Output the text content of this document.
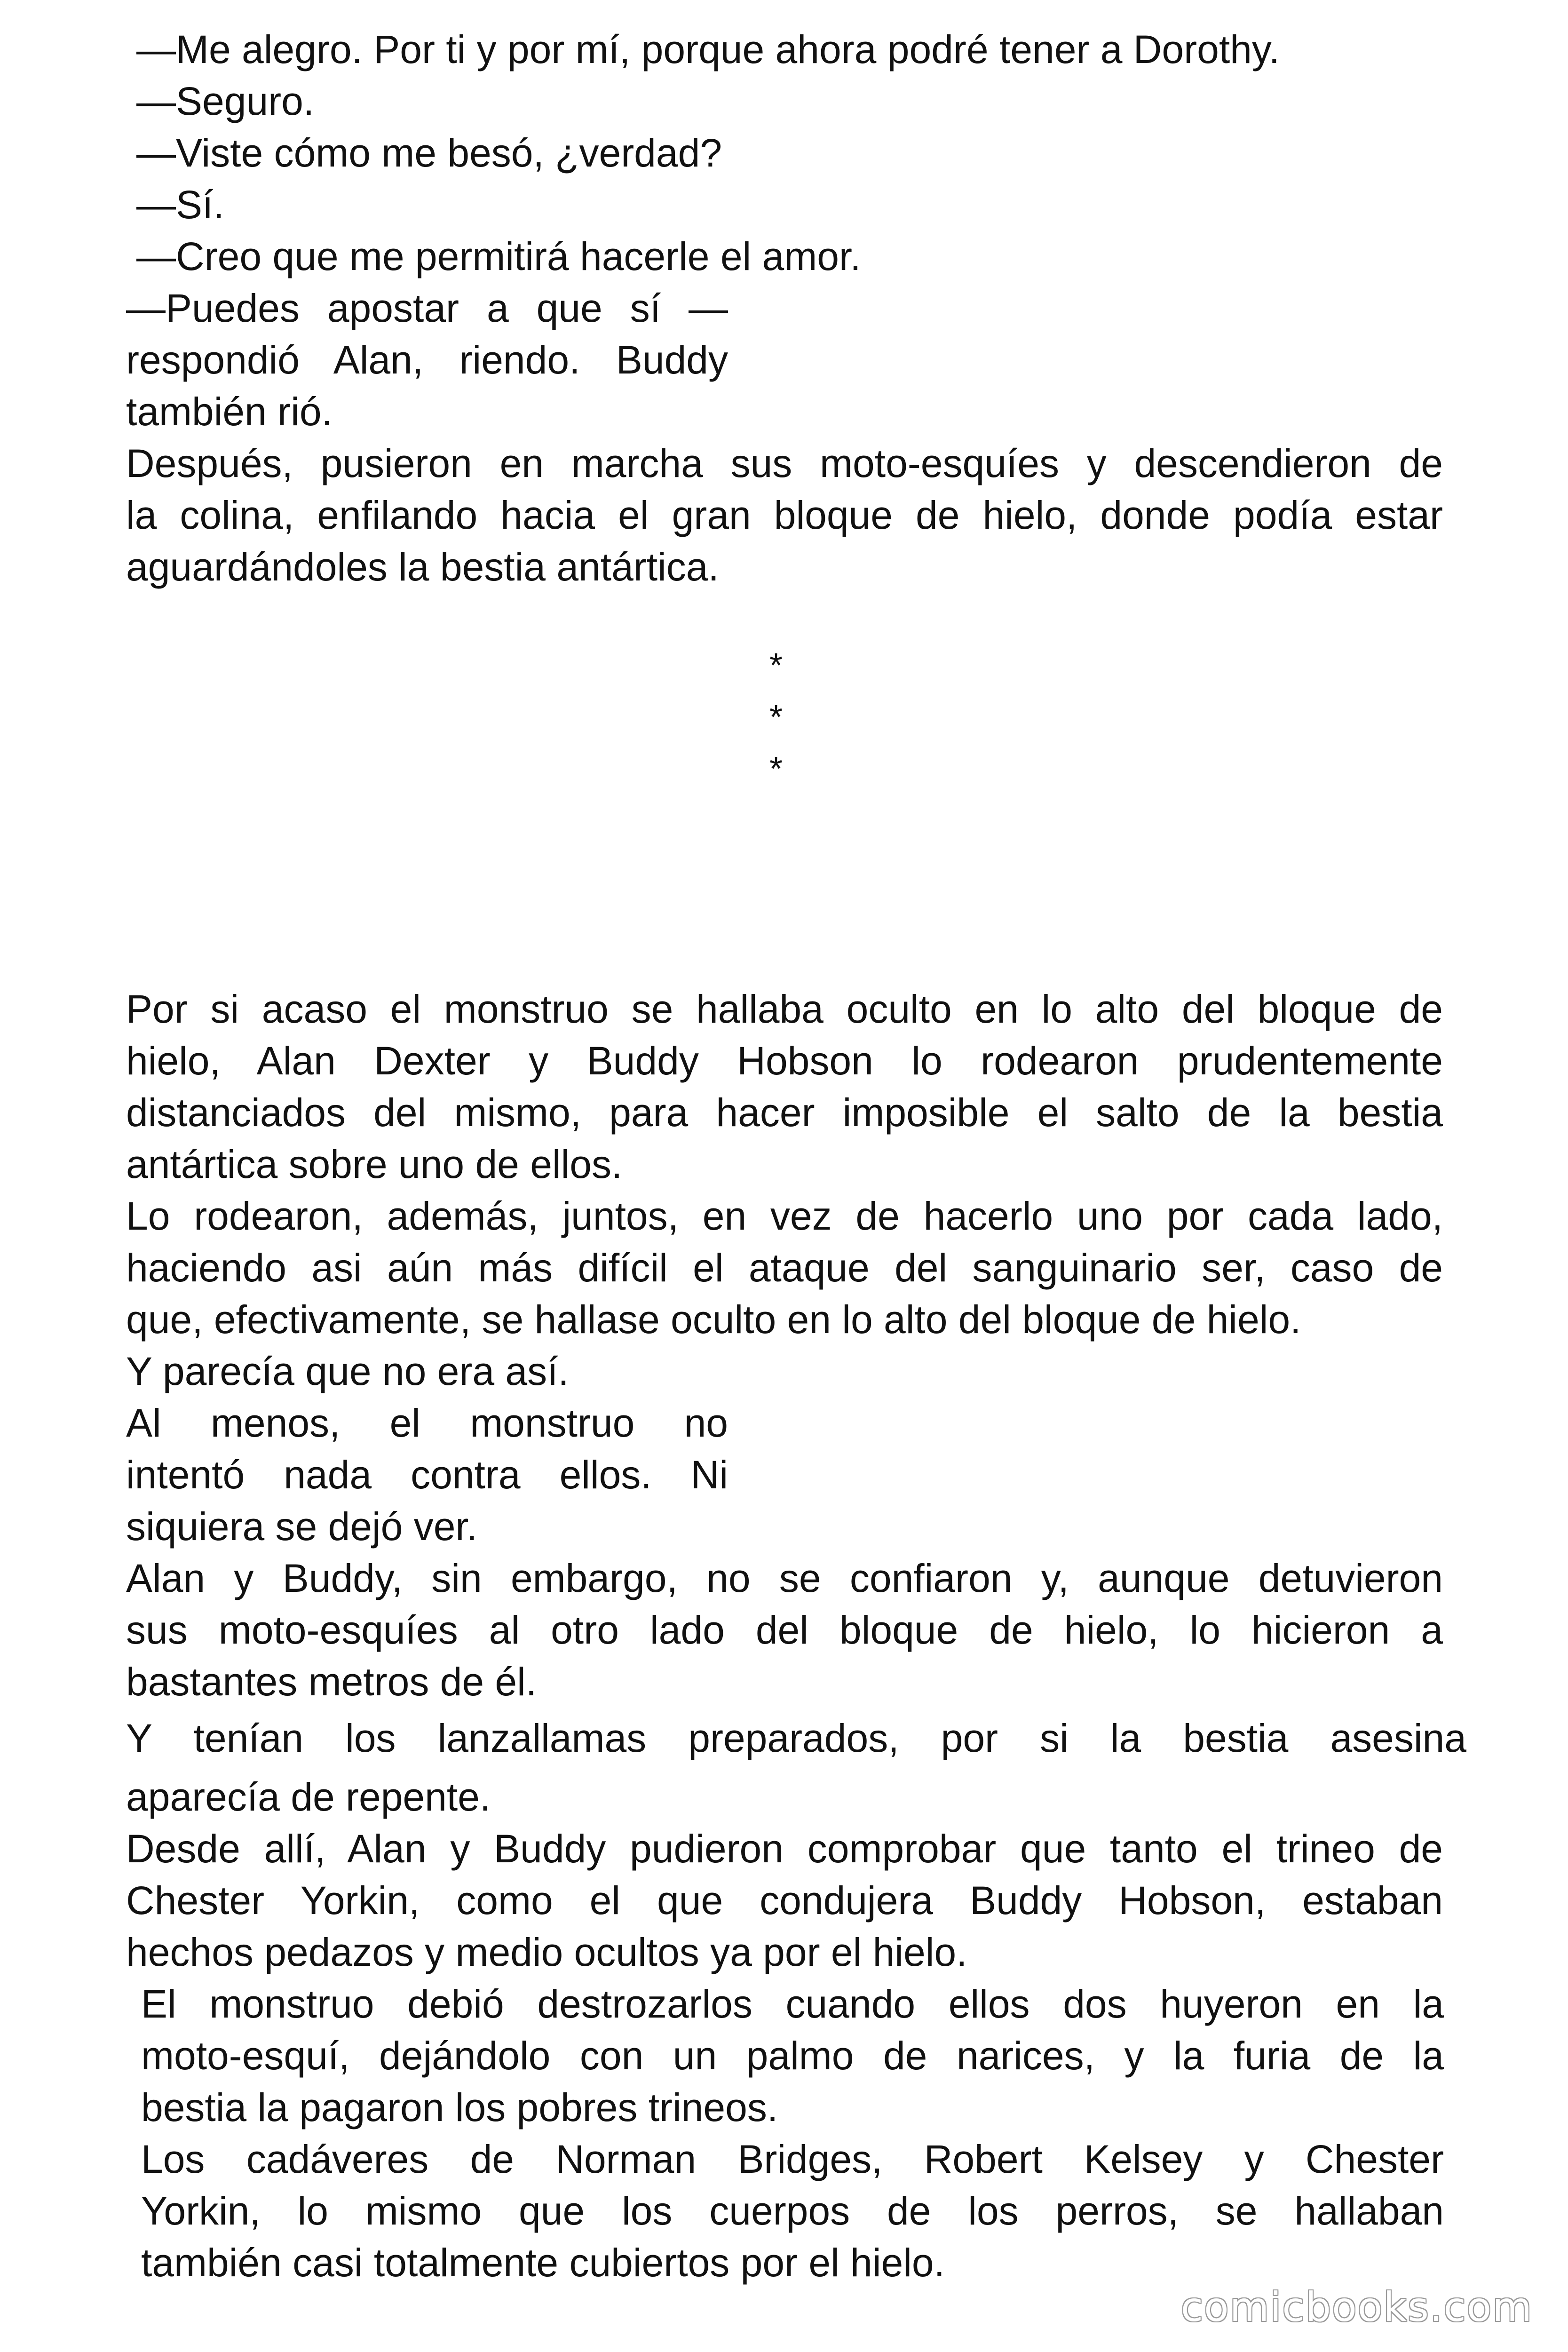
—Me alegro. Por ti y por mí, porque ahora podré tener a Dorothy.

—Seguro.

—Viste cómo me besó, ¿verdad?

—Sí.

—Creo que me permitirá hacerle el amor.

—Puedes apostar a que sí —

respondió Alan, riendo. Buddy

también rió.

Después, pusieron en marcha sus moto-esquíes y descendieron de

la colina, enfilando hacia el gran bloque de hielo, donde podía estar

aguardándoles la bestia antártica.

*
*
*

Por si acaso el monstruo se hallaba oculto en lo alto del bloque de

hielo, Alan Dexter y Buddy Hobson lo rodearon prudentemente

distanciados del mismo, para hacer imposible el salto de la bestia

antártica sobre uno de ellos.

Lo rodearon, además, juntos, en vez de hacerlo uno por cada lado,

haciendo asi aún más difícil el ataque del sanguinario ser, caso de

que, efectivamente, se hallase oculto en lo alto del bloque de hielo.

Y parecía que no era así.

Al menos, el monstruo no

intentó nada contra ellos. Ni

siquiera se dejó ver.

Alan y Buddy, sin embargo, no se confiaron y, aunque detuvieron

sus moto-esquíes al otro lado del bloque de hielo, lo hicieron a

bastantes metros de él.

Y tenían los lanzallamas preparados, por si la bestia asesina

aparecía de repente.

Desde allí, Alan y Buddy pudieron comprobar que tanto el trineo de

Chester Yorkin, como el que condujera Buddy Hobson, estaban

hechos pedazos y medio ocultos ya por el hielo.

El monstruo debió destrozarlos cuando ellos dos huyeron en la

moto-esquí, dejándolo con un palmo de narices, y la furia de la

bestia la pagaron los pobres trineos.

Los cadáveres de Norman Bridges, Robert Kelsey y Chester

Yorkin, lo mismo que los cuerpos de los perros, se hallaban

también casi totalmente cubiertos por el hielo.

comicbooks.com
